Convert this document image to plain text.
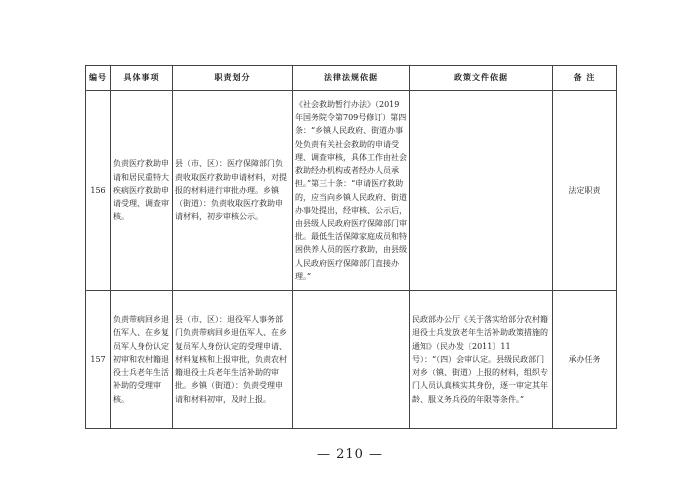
编号	具体事项	职责划分	法律法规依据	政策文件依据	备 注
156	负责医疗救助申请和居民重特大疾病医疗救助申请受理、调查审核。	县（市、区）：医疗保障部门负责收取医疗救助申请材料，对提报的材料进行审批办理。乡镇（街道）：负责收取医疗救助申请材料，初步审核公示。	《社会救助暂行办法》（2019年国务院令第709号修订）第四条：“乡镇人民政府、街道办事处负责有关社会救助的申请受理、调查审核，具体工作由社会救助经办机构或者经办人员承担。”第三十条：“申请医疗救助的，应当向乡镇人民政府、街道办事处提出，经审核、公示后，由县级人民政府医疗保障部门审批。最低生活保障家庭成员和特困供养人员的医疗救助，由县级人民政府医疗保障部门直接办理。”		法定职责
157	负责带病回乡退伍军人、在乡复员军人身份认定初审和农村籍退役士兵老年生活补助的受理审核。	县（市、区）：退役军人事务部门负责带病回乡退伍军人、在乡复员军人身份认定的受理申请、材料复核和上报审批，负责农村籍退役士兵老年生活补助的审批。乡镇（街道）：负责受理申请和材料初审，及时上报。		民政部办公厅《关于落实给部分农村籍退役士兵发放老年生活补助政策措施的通知》（民办发〔2011〕11号）：“（四）会审认定。县级民政部门对乡（镇、街道）上报的材料，组织专门人员认真核实其身份，逐一审定其年龄、服义务兵役的年限等条件。”	承办任务
— 210 —
